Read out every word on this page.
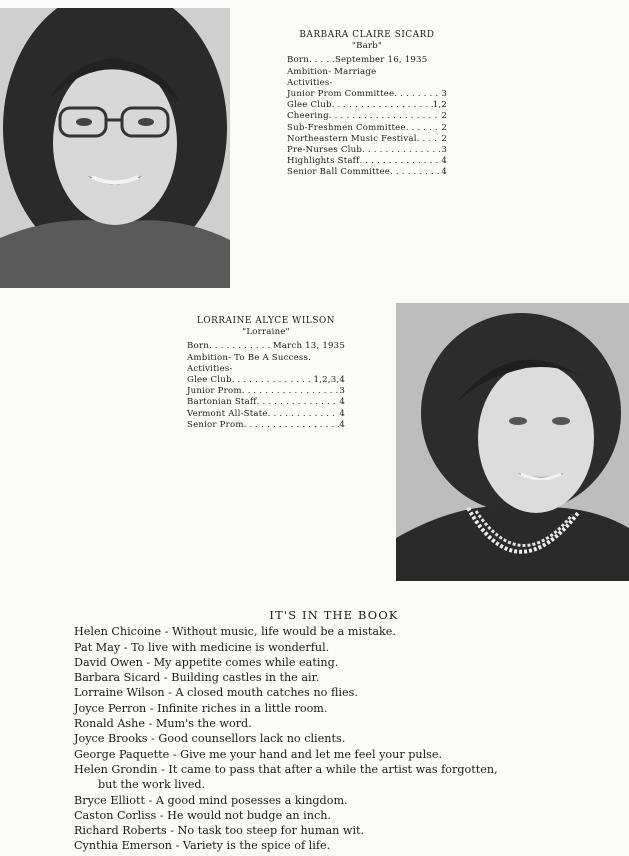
BARBARA CLAIRE SICARD
"Barb"
Born . . .	September 16, 1935
Ambition- Marriage
Activities-
Junior Prom Committee . . .	3
Glee Club . . .	1,2
Cheering . . .	2
Sub-Freshmen Committee . . .	2
Northeastern Music Festival . . .	2
Pre-Nurses Club . . .	3
Highlights Staff . . .	4
Senior Ball Committee . . .	4
LORRAINE ALYCE WILSON
"Lorraine"
Born . . .	March 13, 1935
Ambition- To Be A Success.
Activities-
Glee Club . . .	1,2,3,4
Junior Prom . . .	3
Bartonian Staff . . .	4
Vermont All-State . . .	4
Senior Prom . . .	4
IT'S IN THE BOOK
Helen Chicoine - Without music, life would be a mistake.
Pat May - To live with medicine is wonderful.
David Owen - My appetite comes while eating.
Barbara Sicard - Building castles in the air.
Lorraine Wilson - A closed mouth catches no flies.
Joyce Perron - Infinite riches in a little room.
Ronald Ashe - Mum's the word.
Joyce Brooks - Good counsellors lack no clients.
George Paquette - Give me your hand and let me feel your pulse.
Helen Grondin - It came to pass that after a while the artist was forgotten,
but the work lived.
Bryce Elliott - A good mind posesses a kingdom.
Caston Corliss - He would not budge an inch.
Richard Roberts - No task too steep for human wit.
Cynthia Emerson - Variety is the spice of life.
